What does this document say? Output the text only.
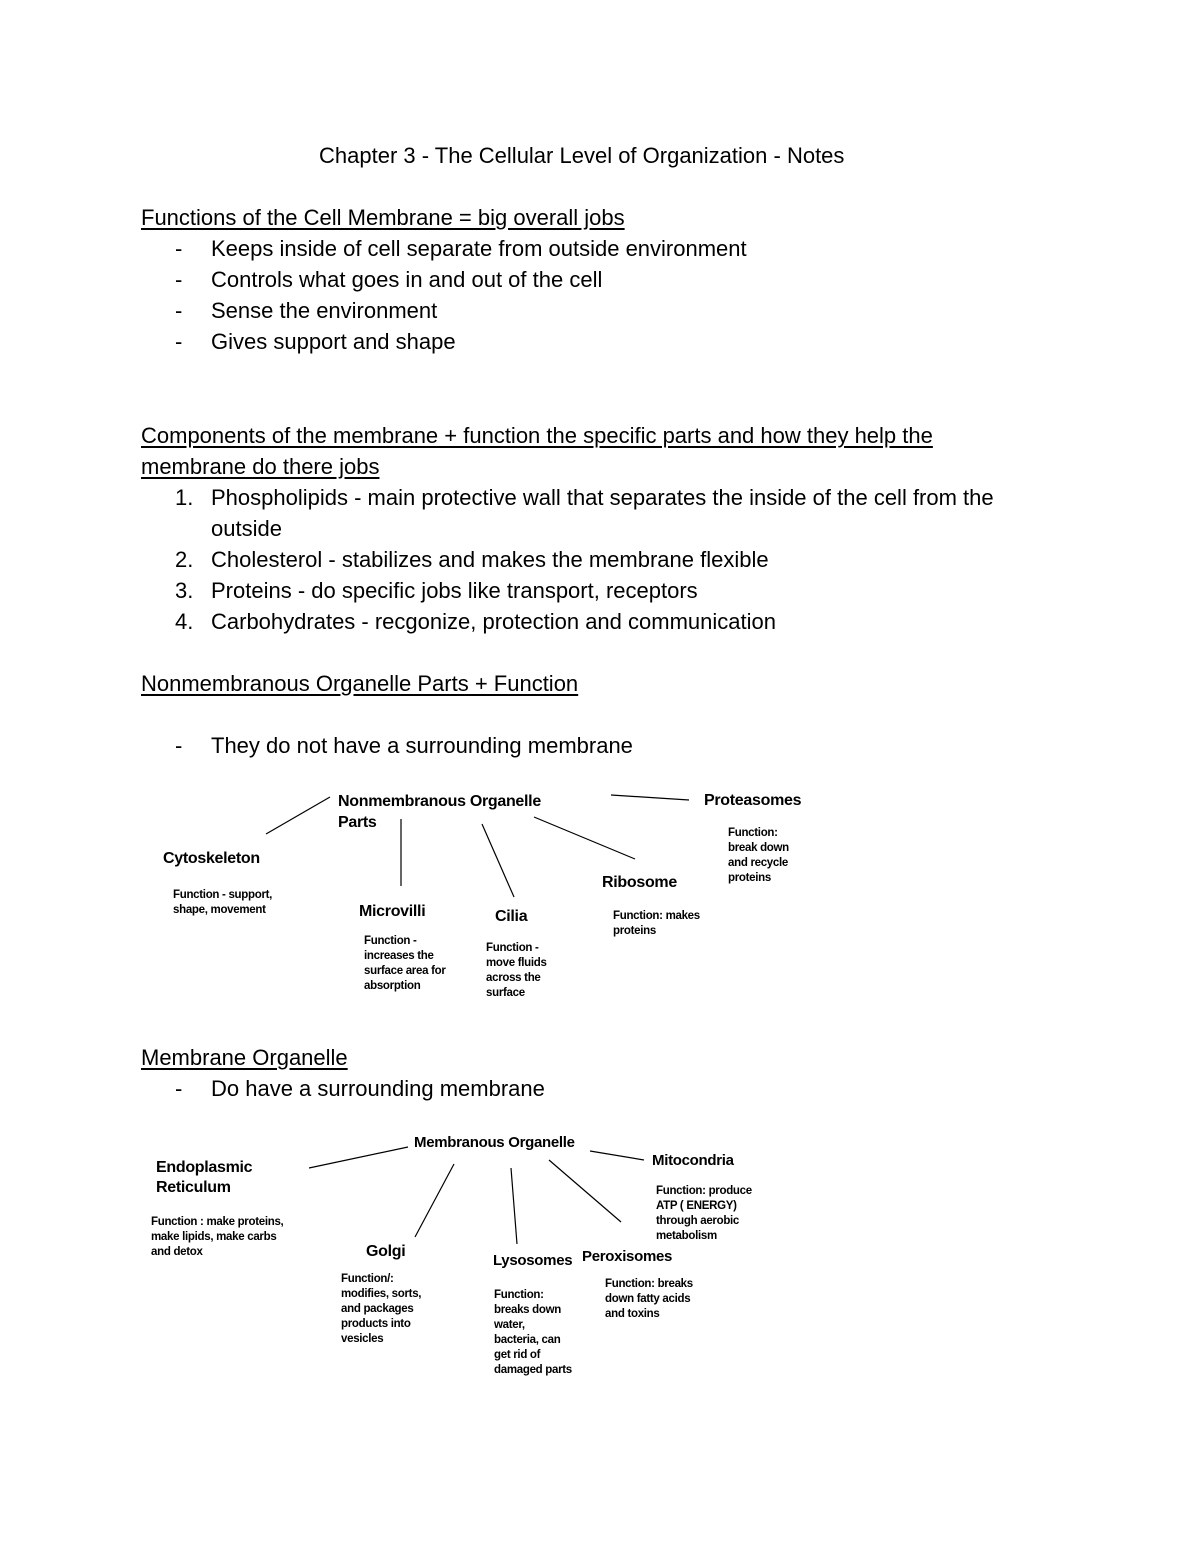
Chapter 3 - The Cellular Level of Organization - Notes
Functions of the Cell Membrane = big overall jobs
- Keeps inside of cell separate from outside environment
- Controls what goes in and out of the cell
- Sense the environment
- Gives support and shape
Components of the membrane + function the specific parts and how they help the
membrane do there jobs
1. Phospholipids - main protective wall that separates the inside of the cell from the
outside
2. Cholesterol - stabilizes and makes the membrane flexible
3. Proteins - do specific jobs like transport, receptors
4. Carbohydrates - recgonize, protection and communication
Nonmembranous Organelle Parts + Function
- They do not have a surrounding membrane
Nonmembranous Organelle
Parts
Cytoskeleton
Function - support,
shape, movement	Microvilli
Function -
increases the
surface area for
absorption
Cilia
Function -
move fluids
across the
surface
Ribosome
Function: makes
proteins
Proteasomes
Function:
break down
and recycle
proteins
Membrane Organelle
- Do have a surrounding membrane
Membranous Organelle
Endoplasmic
Reticulum
Function : make proteins,
make lipids, make carbs
and detox	Golgi
Function/:
modifies, sorts,
and packages
products into
vesicles
Lysosomes
Function:
breaks down
water,
bacteria, can
get rid of
damaged parts
Peroxisomes
Function: breaks
down fatty acids
and toxins
Mitocondria
Function: produce
ATP ( ENERGY)
through aerobic
metabolism
